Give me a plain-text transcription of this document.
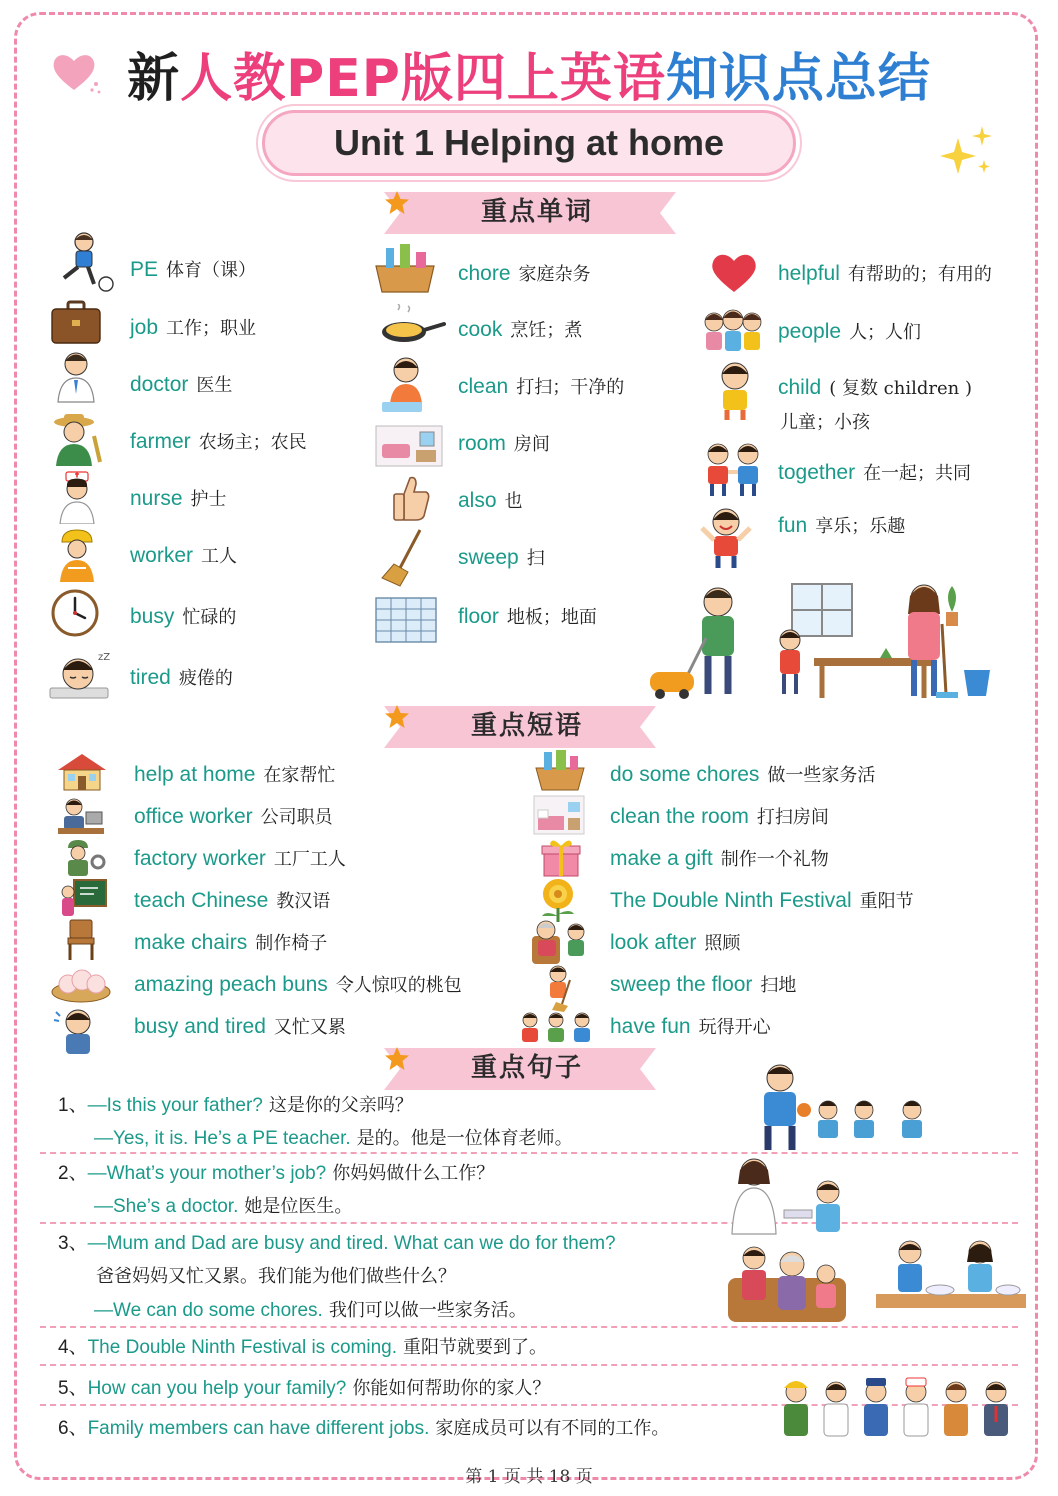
新人教PEP版四上英语知识点总结
Unit 1 Helping at home
重点单词
重点短语
重点句子
zZ
PE 体育（课）
job 工作；职业
doctor 医生
farmer 农场主；农民
nurse 护士
worker 工人
busy 忙碌的
tired 疲倦的
chore 家庭杂务
cook 烹饪；煮
clean 打扫；干净的
room 房间
also 也
sweep 扫
floor 地板；地面
helpful 有帮助的；有用的
people 人；人们
child ( 复数 children )
儿童；小孩
together 在一起；共同
fun 享乐；乐趣
help at home 在家帮忙
office worker 公司职员
factory worker 工厂工人
teach Chinese 教汉语
make chairs 制作椅子
amazing peach buns 令人惊叹的桃包
busy and tired 又忙又累
do some chores 做一些家务活
clean the room 打扫房间
make a gift 制作一个礼物
The Double Ninth Festival 重阳节
look after 照顾
sweep the floor 扫地
have fun 玩得开心
1、—Is this your father? 这是你的父亲吗？
—Yes, it is. He’s a PE teacher. 是的。他是一位体育老师。
2、—What’s your mother’s job? 你妈妈做什么工作？
—She’s a doctor. 她是位医生。
3、—Mum and Dad are busy and tired. What can we do for them?
爸爸妈妈又忙又累。我们能为他们做些什么？
—We can do some chores. 我们可以做一些家务活。
4、The Double Ninth Festival is coming. 重阳节就要到了。
5、How can you help your family? 你能如何帮助你的家人？
6、Family members can have different jobs. 家庭成员可以有不同的工作。
第 1 页 共 18 页
